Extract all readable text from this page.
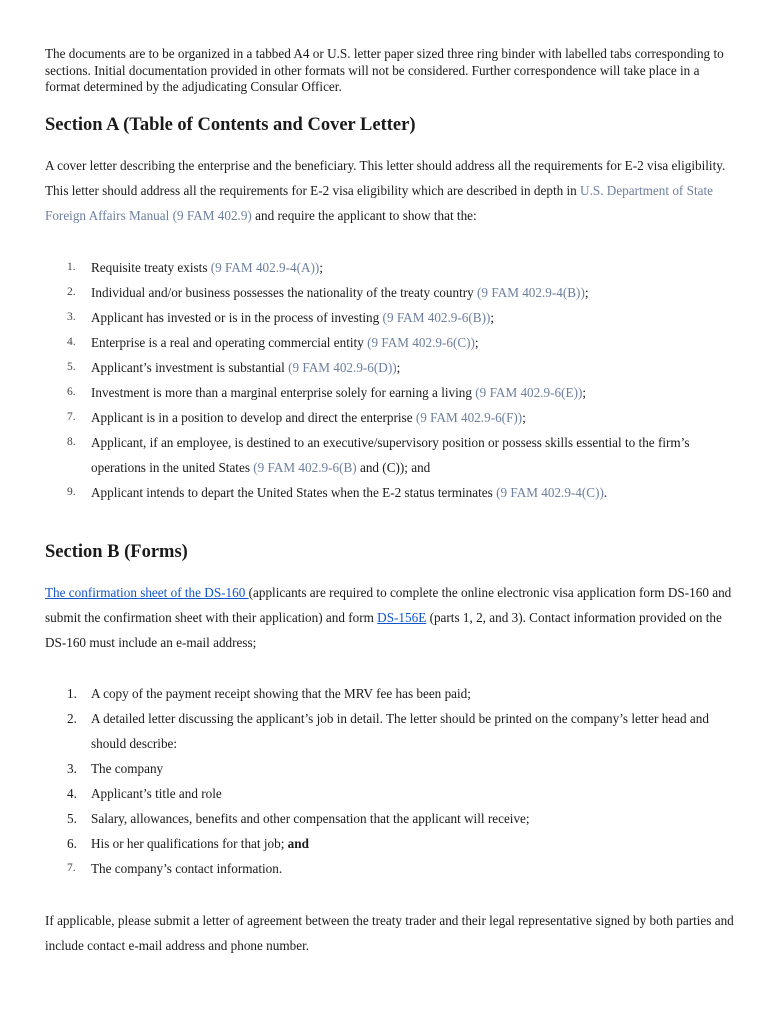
The documents are to be organized in a tabbed A4 or U.S. letter paper sized three ring binder with labelled tabs corresponding to sections. Initial documentation provided in other formats will not be considered. Further correspondence will take place in a format determined by the adjudicating Consular Officer.

Section A (Table of Contents and Cover Letter)

A cover letter describing the enterprise and the beneficiary. This letter should address all the requirements for E-2 visa eligibility. This letter should address all the requirements for E-2 visa eligibility which are described in depth in U.S. Department of State Foreign Affairs Manual (9 FAM 402.9) and require the applicant to show that the:

1. Requisite treaty exists (9 FAM 402.9-4(A));
2. Individual and/or business possesses the nationality of the treaty country (9 FAM 402.9-4(B));
3. Applicant has invested or is in the process of investing (9 FAM 402.9-6(B));
4. Enterprise is a real and operating commercial entity (9 FAM 402.9-6(C));
5. Applicant’s investment is substantial (9 FAM 402.9-6(D));
6. Investment is more than a marginal enterprise solely for earning a living (9 FAM 402.9-6(E));
7. Applicant is in a position to develop and direct the enterprise (9 FAM 402.9-6(F));
8. Applicant, if an employee, is destined to an executive/supervisory position or possess skills essential to the firm’s operations in the united States (9 FAM 402.9-6(B) and (C)); and
9. Applicant intends to depart the United States when the E-2 status terminates (9 FAM 402.9-4(C)).
Section B (Forms)

The confirmation sheet of the DS-160 (applicants are required to complete the online electronic visa application form DS-160 and submit the confirmation sheet with their application) and form DS-156E (parts 1, 2, and 3). Contact information provided on the DS-160 must include an e-mail address;

1. A copy of the payment receipt showing that the MRV fee has been paid;
2. A detailed letter discussing the applicant’s job in detail. The letter should be printed on the company’s letter head and should describe:
3. The company
4. Applicant’s title and role
5. Salary, allowances, benefits and other compensation that the applicant will receive;
6. His or her qualifications for that job; and
7. The company’s contact information.

If applicable, please submit a letter of agreement between the treaty trader and their legal representative signed by both parties and include contact e-mail address and phone number.
